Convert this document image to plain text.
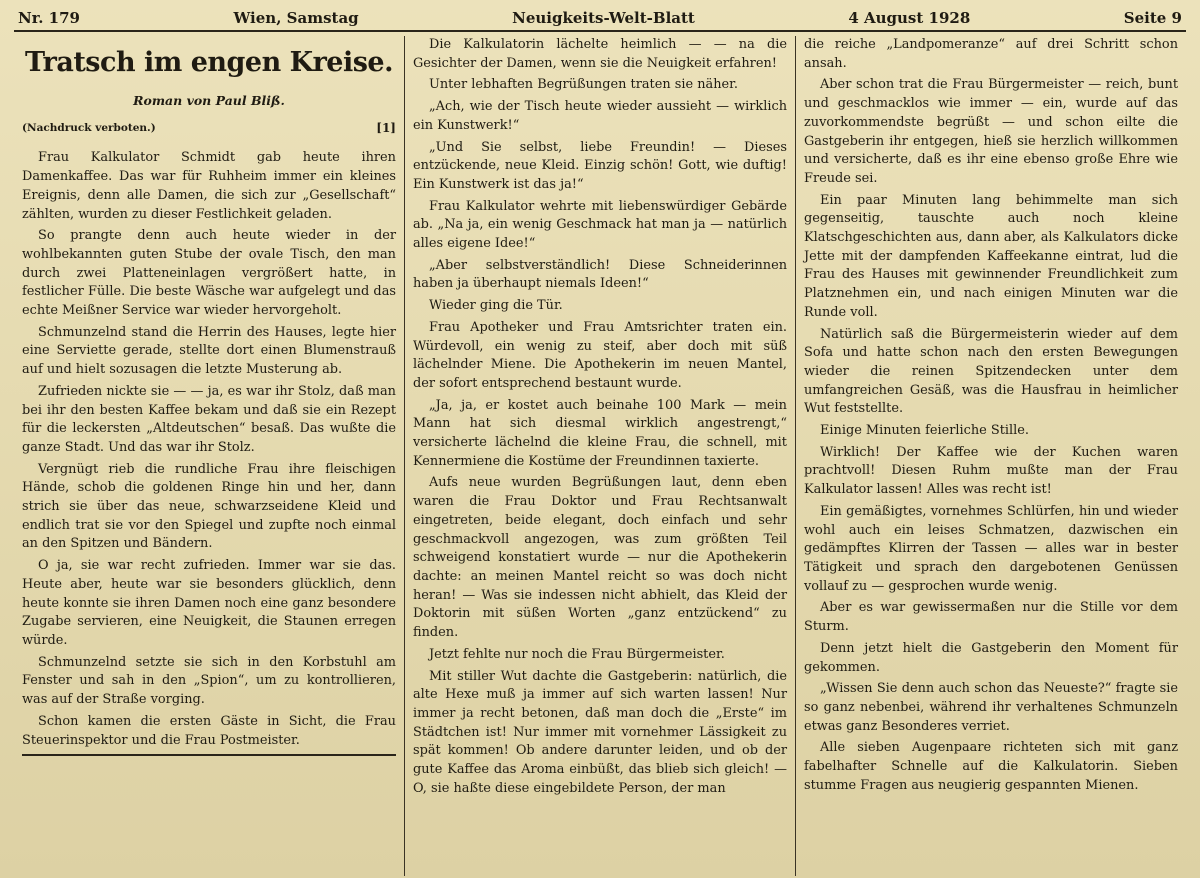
Nr. 179	Wien, Samstag	Neuigkeits-Welt-Blatt	4 August 1928	Seite 9
Tratsch im engen Kreise.
Roman von Paul Bliß.
(Nachdruck verboten.)	[1]

Frau Kalkulator Schmidt gab heute ihren Damenkaffee. Das war für Ruhheim immer ein kleines Ereignis, denn alle Damen, die sich zur „Gesellschaft“ zählten, wurden zu dieser Festlichkeit geladen.

So prangte denn auch heute wieder in der wohlbekannten guten Stube der ovale Tisch, den man durch zwei Platteneinlagen vergrößert hatte, in festlicher Fülle. Die beste Wäsche war aufgelegt und das echte Meißner Service war wieder hervorgeholt.

Schmunzelnd stand die Herrin des Hauses, legte hier eine Serviette gerade, stellte dort einen Blumenstrauß auf und hielt sozusagen die letzte Musterung ab.

Zufrieden nickte sie — — ja, es war ihr Stolz, daß man bei ihr den besten Kaffee bekam und daß sie ein Rezept für die leckersten „Altdeutschen“ besaß. Das wußte die ganze Stadt. Und das war ihr Stolz.

Vergnügt rieb die rundliche Frau ihre fleischigen Hände, schob die goldenen Ringe hin und her, dann strich sie über das neue, schwarzseidene Kleid und endlich trat sie vor den Spiegel und zupfte noch einmal an den Spitzen und Bändern.

O ja, sie war recht zufrieden. Immer war sie das. Heute aber, heute war sie besonders glücklich, denn heute konnte sie ihren Damen noch eine ganz besondere Zugabe servieren, eine Neuigkeit, die Staunen erregen würde.

Schmunzelnd setzte sie sich in den Korbstuhl am Fenster und sah in den „Spion“, um zu kontrollieren, was auf der Straße vorging.

Schon kamen die ersten Gäste in Sicht, die Frau Steuerinspektor und die Frau Postmeister.

Die Kalkulatorin lächelte heimlich — — na die Gesichter der Damen, wenn sie die Neuigkeit erfahren!

Unter lebhaften Begrüßungen traten sie näher.

„Ach, wie der Tisch heute wieder aussieht — wirklich ein Kunstwerk!“

„Und Sie selbst, liebe Freundin! — Dieses entzückende, neue Kleid. Einzig schön! Gott, wie duftig! Ein Kunstwerk ist das ja!“

Frau Kalkulator wehrte mit liebenswürdiger Gebärde ab. „Na ja, ein wenig Geschmack hat man ja — natürlich alles eigene Idee!“

„Aber selbstverständlich! Diese Schneiderinnen haben ja überhaupt niemals Ideen!“

Wieder ging die Tür.

Frau Apotheker und Frau Amtsrichter traten ein. Würdevoll, ein wenig zu steif, aber doch mit süß lächelnder Miene. Die Apothekerin im neuen Mantel, der sofort entsprechend bestaunt wurde.

„Ja, ja, er kostet auch beinahe 100 Mark — mein Mann hat sich diesmal wirklich angestrengt,“ versicherte lächelnd die kleine Frau, die schnell, mit Kennermiene die Kostüme der Freundinnen taxierte.

Aufs neue wurden Begrüßungen laut, denn eben waren die Frau Doktor und Frau Rechtsanwalt eingetreten, beide elegant, doch einfach und sehr geschmackvoll angezogen, was zum größten Teil schweigend konstatiert wurde — nur die Apothekerin dachte: an meinen Mantel reicht so was doch nicht heran! — Was sie indessen nicht abhielt, das Kleid der Doktorin mit süßen Worten „ganz entzückend“ zu finden.

Jetzt fehlte nur noch die Frau Bürgermeister.

Mit stiller Wut dachte die Gastgeberin: natürlich, die alte Hexe muß ja immer auf sich warten lassen! Nur immer ja recht betonen, daß man doch die „Erste“ im Städtchen ist! Nur immer mit vornehmer Lässigkeit zu spät kommen! Ob andere darunter leiden, und ob der gute Kaffee das Aroma einbüßt, das blieb sich gleich! — O, sie haßte diese eingebildete Person, der man

die reiche „Landpomeranze“ auf drei Schritt schon ansah.

Aber schon trat die Frau Bürgermeister — reich, bunt und geschmacklos wie immer — ein, wurde auf das zuvorkommendste begrüßt — und schon eilte die Gastgeberin ihr entgegen, hieß sie herzlich willkommen und versicherte, daß es ihr eine ebenso große Ehre wie Freude sei.

Ein paar Minuten lang behimmelte man sich gegenseitig, tauschte auch noch kleine Klatschgeschichten aus, dann aber, als Kalkulators dicke Jette mit der dampfenden Kaffeekanne eintrat, lud die Frau des Hauses mit gewinnender Freundlichkeit zum Platznehmen ein, und nach einigen Minuten war die Runde voll.

Natürlich saß die Bürgermeisterin wieder auf dem Sofa und hatte schon nach den ersten Bewegungen wieder die reinen Spitzendecken unter dem umfangreichen Gesäß, was die Hausfrau in heimlicher Wut feststellte.

Einige Minuten feierliche Stille.

Wirklich! Der Kaffee wie der Kuchen waren prachtvoll! Diesen Ruhm mußte man der Frau Kalkulator lassen! Alles was recht ist!

Ein gemäßigtes, vornehmes Schlürfen, hin und wieder wohl auch ein leises Schmatzen, dazwischen ein gedämpftes Klirren der Tassen — alles war in bester Tätigkeit und sprach den dargebotenen Genüssen vollauf zu — gesprochen wurde wenig.

Aber es war gewissermaßen nur die Stille vor dem Sturm.

Denn jetzt hielt die Gastgeberin den Moment für gekommen.

„Wissen Sie denn auch schon das Neueste?“ fragte sie so ganz nebenbei, während ihr verhaltenes Schmunzeln etwas ganz Besonderes verriet.

Alle sieben Augenpaare richteten sich mit ganz fabelhafter Schnelle auf die Kalkulatorin. Sieben stumme Fragen aus neugierig gespannten Mienen.
